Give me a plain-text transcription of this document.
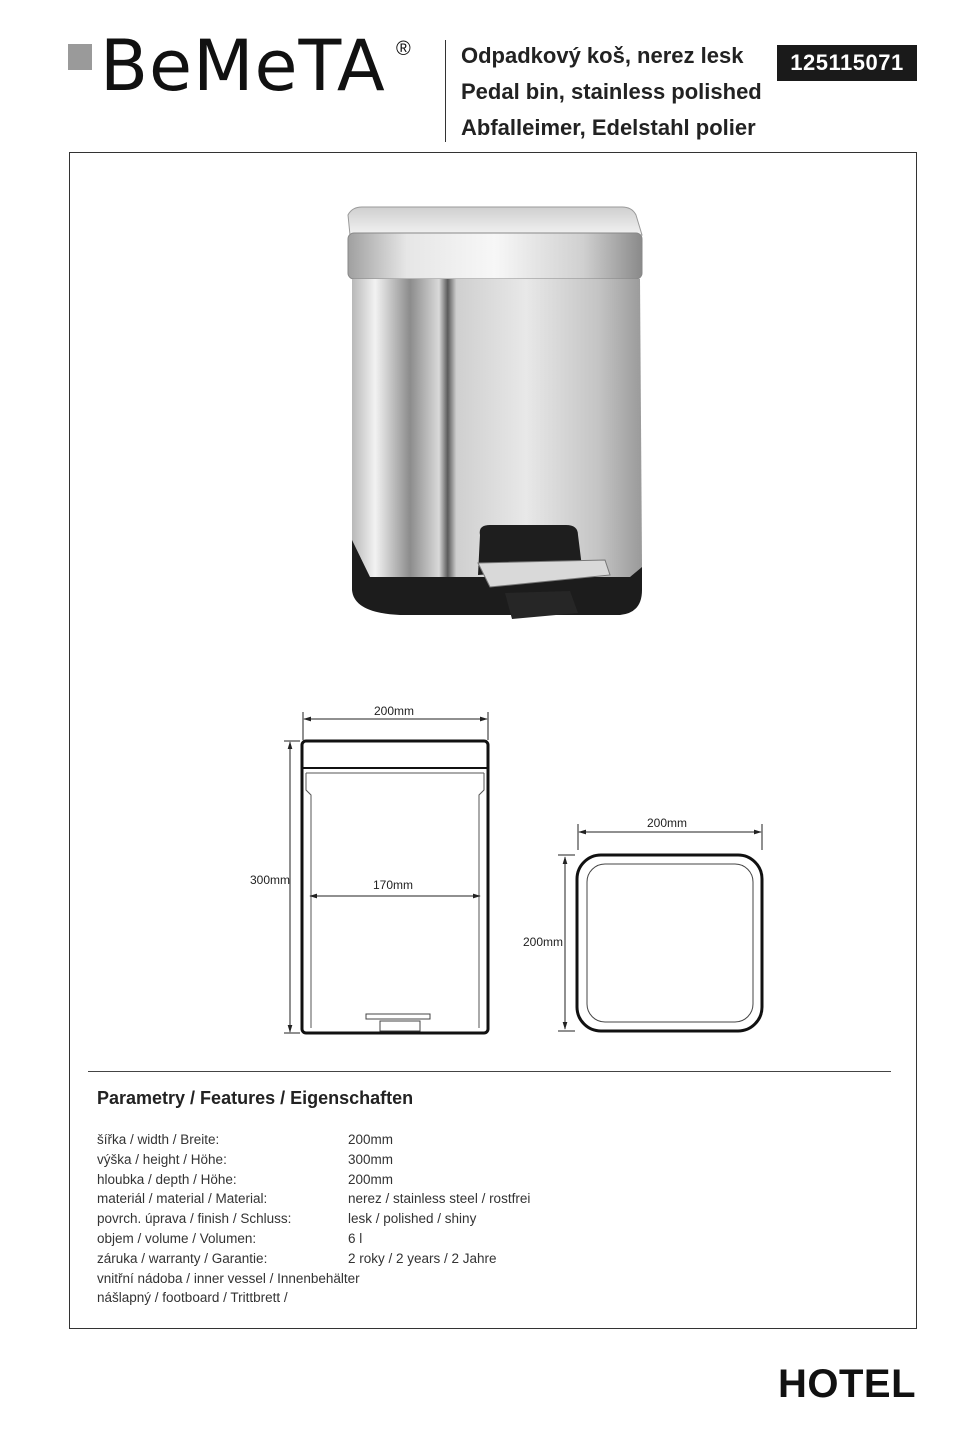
BeMeTA ® Odpadkový koš, nerez lesk
Pedal bin, stainless polished
Abfalleimer, Edelstahl polier
125115071
200mm
170mm
300mm
200mm
200mm
Parametry / Features / Eigenschaften
šířka / width / Breite:	200mm
výška / height / Höhe:	300mm
hloubka / depth / Höhe:	200mm
materiál / material / Material:	nerez / stainless steel / rostfrei
povrch. úprava / finish / Schluss:	lesk / polished / shiny
objem / volume / Volumen:	6 l
záruka / warranty / Garantie:	2 roky / 2 years / 2 Jahre
vnitřní nádoba / inner vessel / Innenbehälter
nášlapný / footboard / Trittbrett /
HOTEL
